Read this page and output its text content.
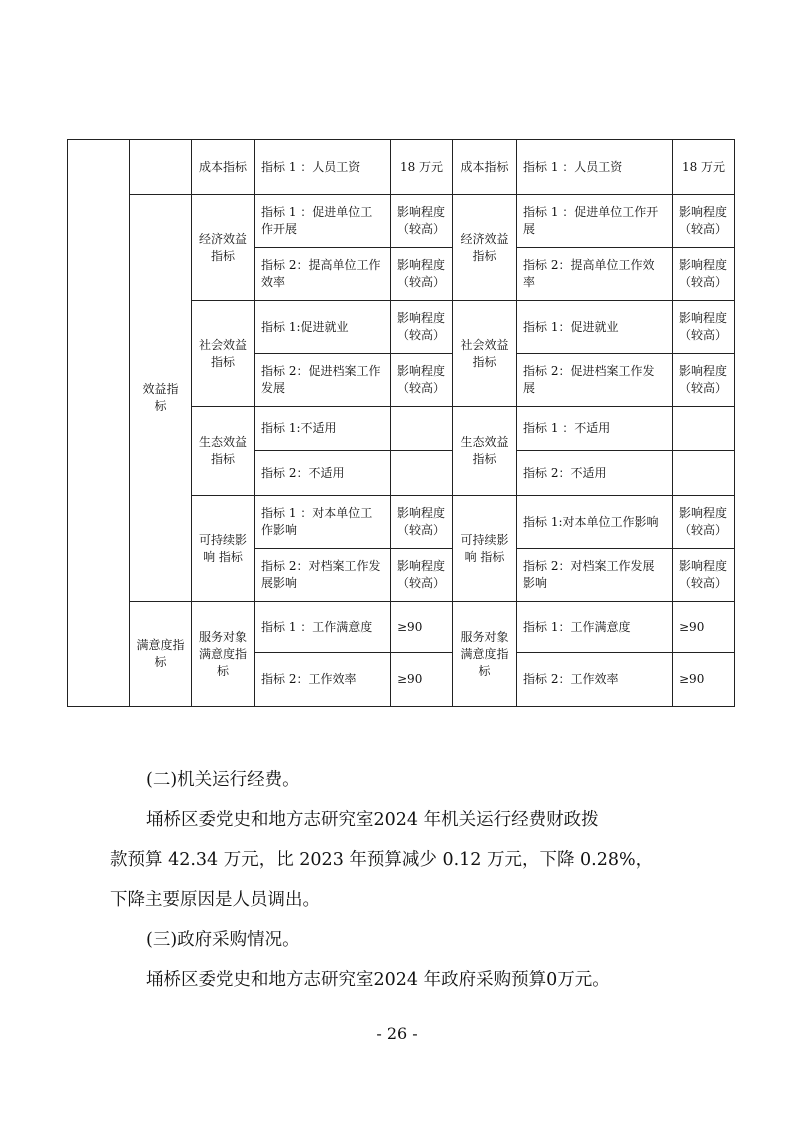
		成本指标	指标 1 ：人员工资	18 万元	成本指标	指标 1 ：人员工资	18 万元
	效益指标	经济效益 指标	指标 1 ：促进单位工作开展	影响程度（较高）	经济效益 指标	指标 1 ：促进单位工作开展	影响程度（较高）
			指标 2：提高单位工作效率	影响程度（较高）		指标 2：提高单位工作效率	影响程度（较高）
		社会效益 指标	指标 1:促进就业	影响程度（较高）	社会效益 指标	指标 1：促进就业	影响程度（较高）
			指标 2：促进档案工作发展	影响程度（较高）		指标 2：促进档案工作发展	影响程度（较高）
		生态效益 指标	指标 1:不适用		生态效益 指标	指标 1 ：不适用	
			指标 2：不适用			指标 2：不适用	
		可持续影响 指标	指标 1 ：对本单位工作影响	影响程度（较高）	可持续影响 指标	指标 1:对本单位工作影响	影响程度（较高）
			指标 2：对档案工作发展影响	影响程度（较高）		指标 2：对档案工作发展影响	影响程度（较高）
	满意度指标	服务对象 满意度指标	指标 1 ：工作满意度	≥90	服务对象 满意度指标	指标 1：工作满意度	≥90
			指标 2：工作效率	≥90		指标 2：工作效率	≥90

(二)机关运行经费。

埇桥区委党史和地方志研究室2024 年机关运行经费财政拨

款预算 42.34 万元，比 2023 年预算减少 0.12 万元，下降 0.28%，

下降主要原因是人员调出。

(三)政府采购情况。

埇桥区委党史和地方志研究室2024 年政府采购预算0万元。

- 26 -
